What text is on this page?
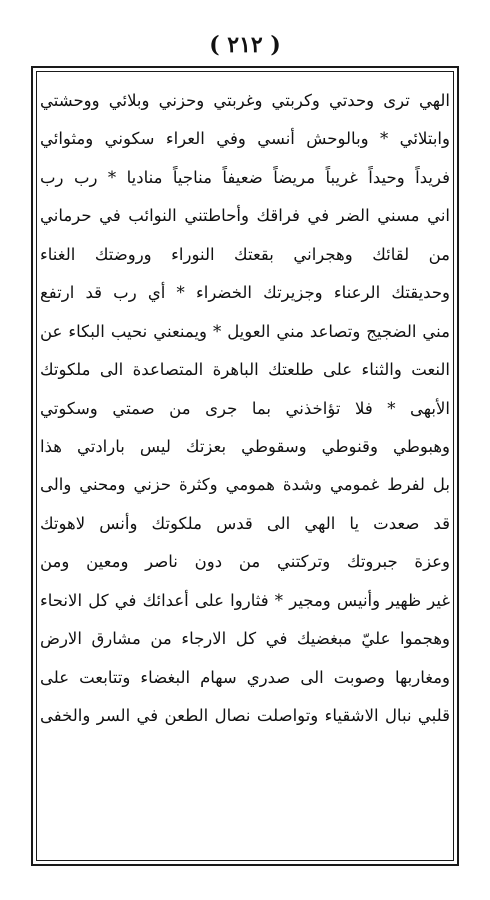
( ٢١٢ )
الهي ترى وحدتي وكربتي وغربتي وحزني وبلائي ووحشتي
وابتلائي * وبالوحش أنسي وفي العراء سكوني ومثوائي
فريداً وحيداً غريباً مريضاً ضعيفاً مناجياً مناديا * رب رب
اني مسني الضر في فراقك وأحاطتني النوائب في حرماني
من لقائك وهجراني بقعتك النوراء وروضتك الغناء
وحديقتك الرعناء وجزيرتك الخضراء * أي رب قد ارتفع
مني الضجيج وتصاعد مني العويل * ويمنعني نحيب البكاء عن
النعت والثناء على طلعتك الباهرة المتصاعدة الى ملكوتك
الأبهى * فلا تؤاخذني بما جرى من صمتي وسكوتي
وهبوطي وقنوطي وسقوطي بعزتك ليس بارادتي هذا
بل لفرط غمومي وشدة همومي وكثرة حزني ومحني والى
قد صعدت يا الهي الى قدس ملكوتك وأنس لاهوتك
وعزة جبروتك وتركتني من دون ناصر ومعين ومن
غير ظهير وأنيس ومجير * فثاروا على أعدائك في كل الانحاء
وهجموا عليّ مبغضيك في كل الارجاء من مشارق الارض
ومغاربها وصوبت الى صدري سهام البغضاء وتتابعت على
قلبي نبال الاشقياء وتواصلت نصال الطعن في السر والخفى
